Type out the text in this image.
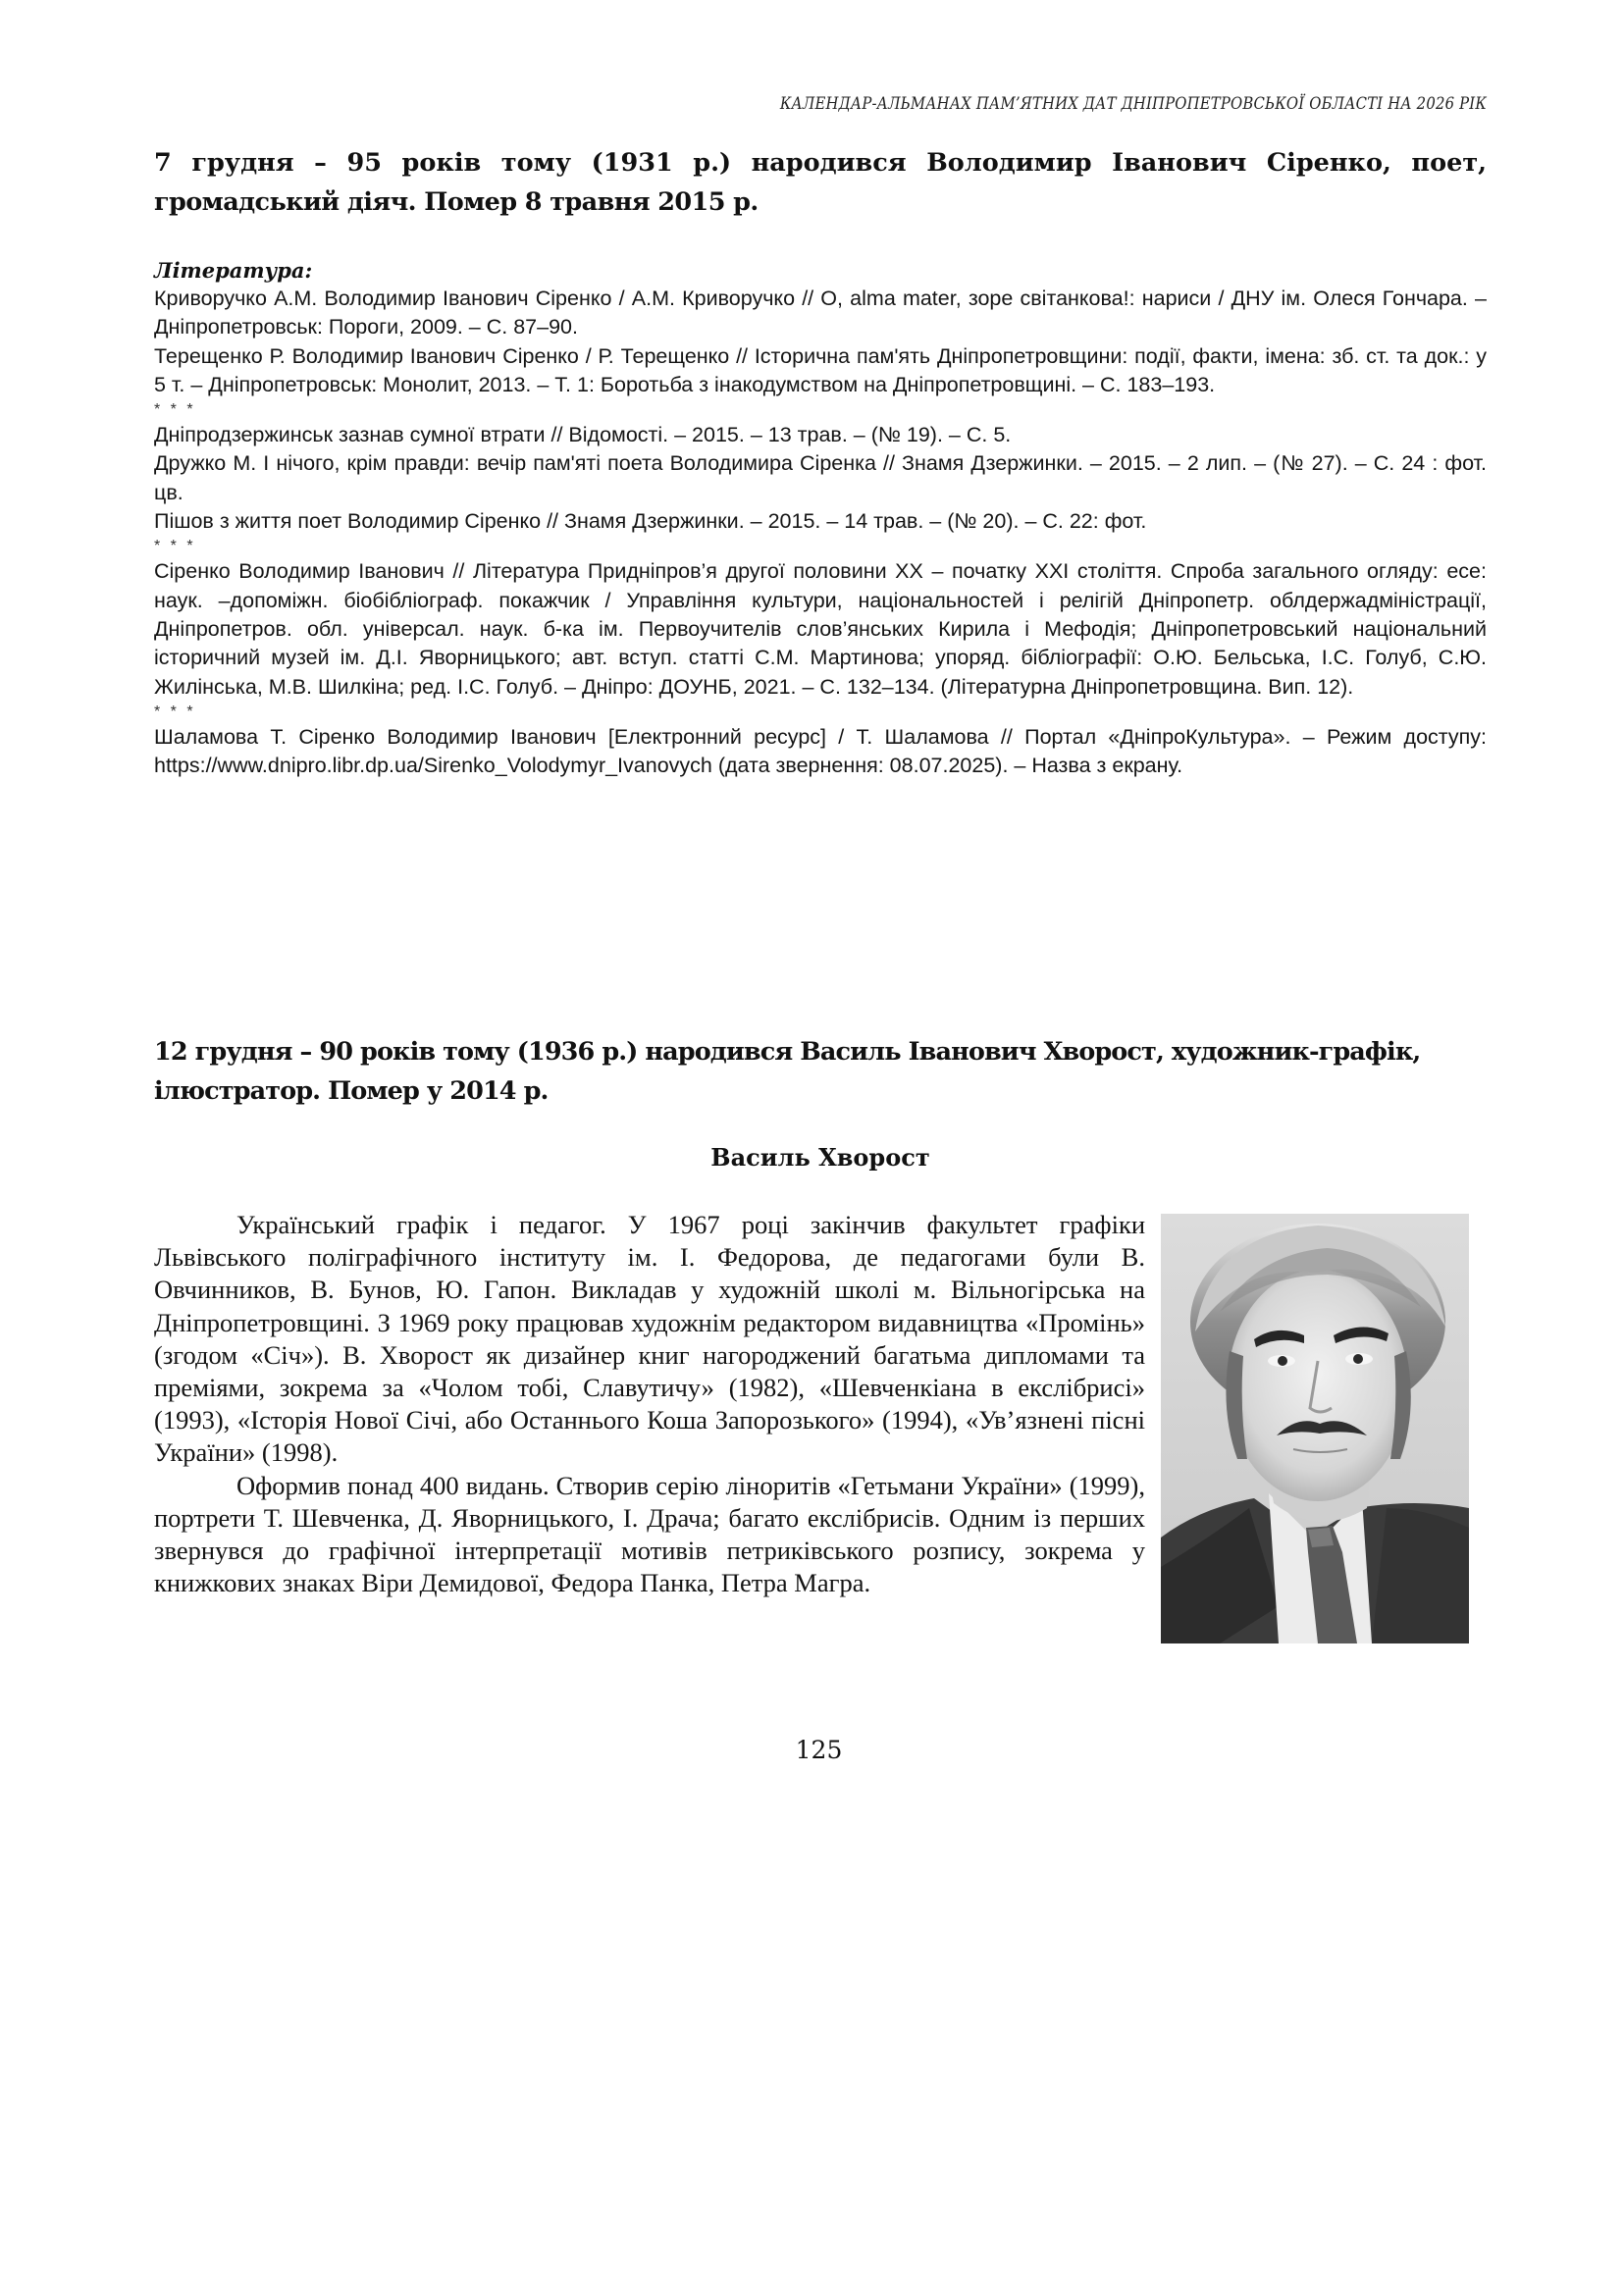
КАЛЕНДАР-АЛЬМАНАХ ПАМ’ЯТНИХ ДАТ ДНІПРОПЕТРОВСЬКОЇ ОБЛАСТІ НА 2026 РІК
7 грудня – 95 років тому (1931 р.) народився Володимир Іванович Сіренко, поет,
громадський діяч. Помер 8 травня 2015 р.
Література:
Криворучко А.М. Володимир Іванович Сіренко / А.М. Криворучко // О, alma mater, зоре світанкова!: нариси / ДНУ ім. Олеся Гончара. – Дніпропетровськ: Пороги, 2009. – С. 87–90.
Терещенко Р. Володимир Іванович Сіренко / Р. Терещенко // Історична пам'ять Дніпропетровщини: події, факти, імена: зб. ст. та док.: у 5 т. – Дніпропетровськ: Монолит, 2013. – Т. 1: Боротьба з інакодумством на Дніпропетровщині. – С. 183–193.
* * *
Дніпродзержинськ зазнав сумної втрати // Відомості. – 2015. – 13 трав. – (№ 19). – С. 5.
Дружко М. І нічого, крім правди: вечір пам'яті поета Володимира Сіренка // Знамя Дзержинки. – 2015. – 2 лип. – (№ 27). – С. 24 : фот. цв.
Пішов з життя поет Володимир Сіренко // Знамя Дзержинки. – 2015. – 14 трав. – (№ 20). – С. 22: фот.
* * *
Сіренко Володимир Іванович // Література Придніпров’я другої половини XX – початку XXI століття. Спроба загального огляду: есе: наук. –допоміжн. біобібліограф. покажчик / Управління культури, національностей і релігій Дніпропетр. облдержадміністрації, Дніпропетров. обл. універсал. наук. б-ка ім. Первоучителів слов’янських Кирила і Мефодія; Дніпропетровський національний історичний музей ім. Д.І. Яворницького; авт. вступ. статті С.М. Мартинова; упоряд. бібліографії: О.Ю. Бельська, І.С. Голуб, С.Ю. Жилінська, М.В. Шилкіна; ред. І.С. Голуб. – Дніпро: ДОУНБ, 2021. – С. 132–134. (Літературна Дніпропетровщина. Вип. 12).
* * *
Шаламова Т. Сіренко Володимир Іванович [Електронний ресурс] / Т. Шаламова // Портал «ДніпроКультура». – Режим доступу: https://www.dnipro.libr.dp.ua/Sirenko_Volodymyr_Ivanovych (дата звернення: 08.07.2025). – Назва з екрану.
12 грудня – 90 років тому (1936 р.) народився Василь Іванович Хворост, художник-графік,
ілюстратор. Помер у 2014 р.
Василь Хворост

Український графік і педагог. У 1967 році закінчив факультет графіки Львівського поліграфічного інституту ім. І. Федорова, де педагогами були В. Овчинников, В. Бунов, Ю. Гапон. Викладав у художній школі м. Вільногірська на Дніпропетровщині. З 1969 року працював художнім редактором видавництва «Промінь» (згодом «Січ»). В. Хворост як дизайнер книг нагороджений багатьма дипломами та преміями, зокрема за «Чолом тобі, Славутичу» (1982), «Шевченкіана в екслібрисі» (1993), «Історія Нової Січі, або Останнього Коша Запорозького» (1994), «Ув’язнені пісні України» (1998).

Оформив понад 400 видань. Створив серію ліноритів «Гетьмани України» (1999), портрети Т. Шевченка, Д. Яворницького, І. Драча; багато екслібрисів. Одним із перших звернувся до графічної інтерпретації мотивів петриківського розпису, зокрема у книжкових знаках Віри Демидової, Федора Панка, Петра Магра.

125
